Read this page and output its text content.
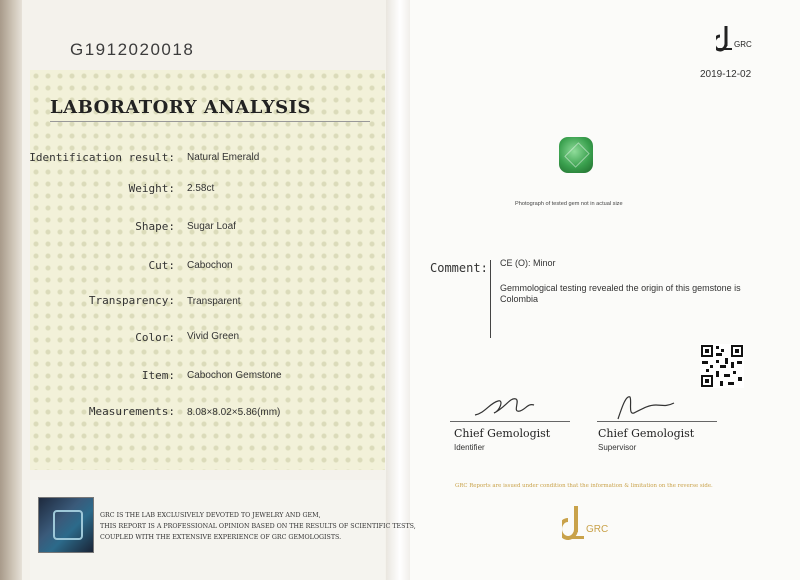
G1912020018
LABORATORY ANALYSIS
Identification result: Natural Emerald
Weight: 2.58ct
Shape: Sugar Loaf
Cut: Cabochon
Transparency: Transparent
Color: Vivid Green
Item: Cabochon Gemstone
Measurements: 8.08×8.02×5.86(mm)
GRC IS THE LAB EXCLUSIVELY DEVOTED TO JEWELRY AND GEM,
THIS REPORT IS A PROFESSIONAL OPINION BASED ON THE RESULTS OF SCIENTIFIC TESTS,
COUPLED WITH THE EXTENSIVE EXPERIENCE OF GRC GEMOLOGISTS.
GRC
2019-12-02
Photograph of tested gem not in actual size
Comment: CE (O): Minor
Gemmological testing revealed the origin of this gemstone is Colombia
Chief Gemologist
Identifier
Chief Gemologist
Supervisor
GRC Reports are issued under condition that the information & limitation on the reverse side.
GRC
